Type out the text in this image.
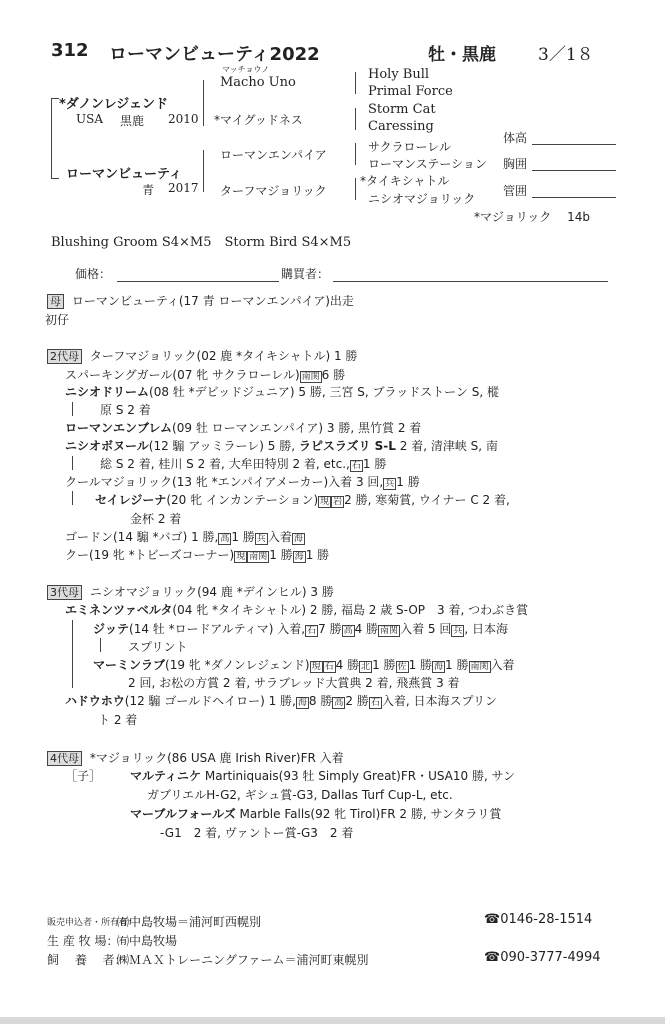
312 ローマンビューティ2022	牡・黒鹿 3／1８
*ダノンレジェンド
USA 黒鹿 2010
ローマンビューティ
青 2017
マッチョウノ
Macho Uno
*マイグッドネス
ローマンエンパイア
ターフマジョリック
Holy Bull
Primal Force
Storm Cat
Caressing
サクラローレル
ローマンステーション
*タイキシャトル
ニシオマジョリック
体高
胸囲
管囲
*マジョリック　 14b
Blushing Groom S4×M5　Storm Bird S4×M5
価格：	購買者：
母 ローマンビューティ(17 青 ローマンエンパイア)出走
初仔
2代母 ターフマジョリック(02 鹿 *タイキシャトル) 1 勝
スパーキングガール(07 牝 サクラローレル) 南関 6 勝
ニシオドリーム(08 牡 *デビッドジュニア) 5 勝, 三宮 S, ブラッドストーン S, 樅
原 S 2 着
ローマンエンブレム(09 牡 ローマンエンパイア) 3 勝, 黒竹賞 2 着
ニシオボヌール(12 騸 アッミラーレ) 5 勝, ラピスラズリ S-L 2 着, 清津峡 S, 南
総 S 2 着, 桂川 S 2 着, 大牟田特別 2 着, etc., 石 1 勝
クールマジョリック(13 牝 *エンパイアメーカー)入着 3 回, 兵 1 勝
セイレジーナ(20 牝 インカンテーション) 現 岩 2 勝, 寒菊賞, ウイナー C 2 着,
金杯 2 着
ゴードン(14 騸 *バゴ) 1 勝, 高 1 勝 兵 入着 海
クー(19 牝 *トビーズコーナー) 現 南関 1 勝 海 1 勝
3代母 ニシオマジョリック(94 鹿 *デインヒル) 3 勝
エミネンツァベルタ(04 牝 *タイキシャトル) 2 勝, 福島 2 歳 S-OP　3 着, つわぶき賞
ジッテ(14 牡 *ロードアルティマ) 入着, 石 7 勝 高 4 勝 南関 入着 5 回 兵 , 日本海
スプリント
マーミンラブ(19 牝 *ダノンレジェンド) 現 石 4 勝 北 1 勝 佐 1 勝 海 1 勝 南関 入着
2 回, お松の方賞 2 着, サラブレッド大賞典 2 着, 飛燕賞 3 着
ハドウホウ(12 騸 ゴールドヘイロー) 1 勝, 海 8 勝 高 2 勝 石 入着, 日本海スプリン
ト 2 着
4代母 *マジョリック(86 USA 鹿 Irish River)FR 入着
［子］ マルティニケ Martiniquais(93 牡 Simply Great)FR・USA10 勝, サン
ガブリエルH-G2, ギシュ賞-G3, Dallas Turf Cup-L, etc.
マーブルフォールズ Marble Falls(92 牝 Tirol)FR 2 勝, サンタラリ賞
-G1　2 着, ヴァントー賞-G3　2 着
販売申込者・所有者：
㈲中島牧場＝浦河町西幌別	☎0146-28-1514
生 産 牧 場：
㈲中島牧場
飼　 養　 者：
㈱ＭＡＸトレーニングファーム＝浦河町東幌別	☎090-3777-4994
